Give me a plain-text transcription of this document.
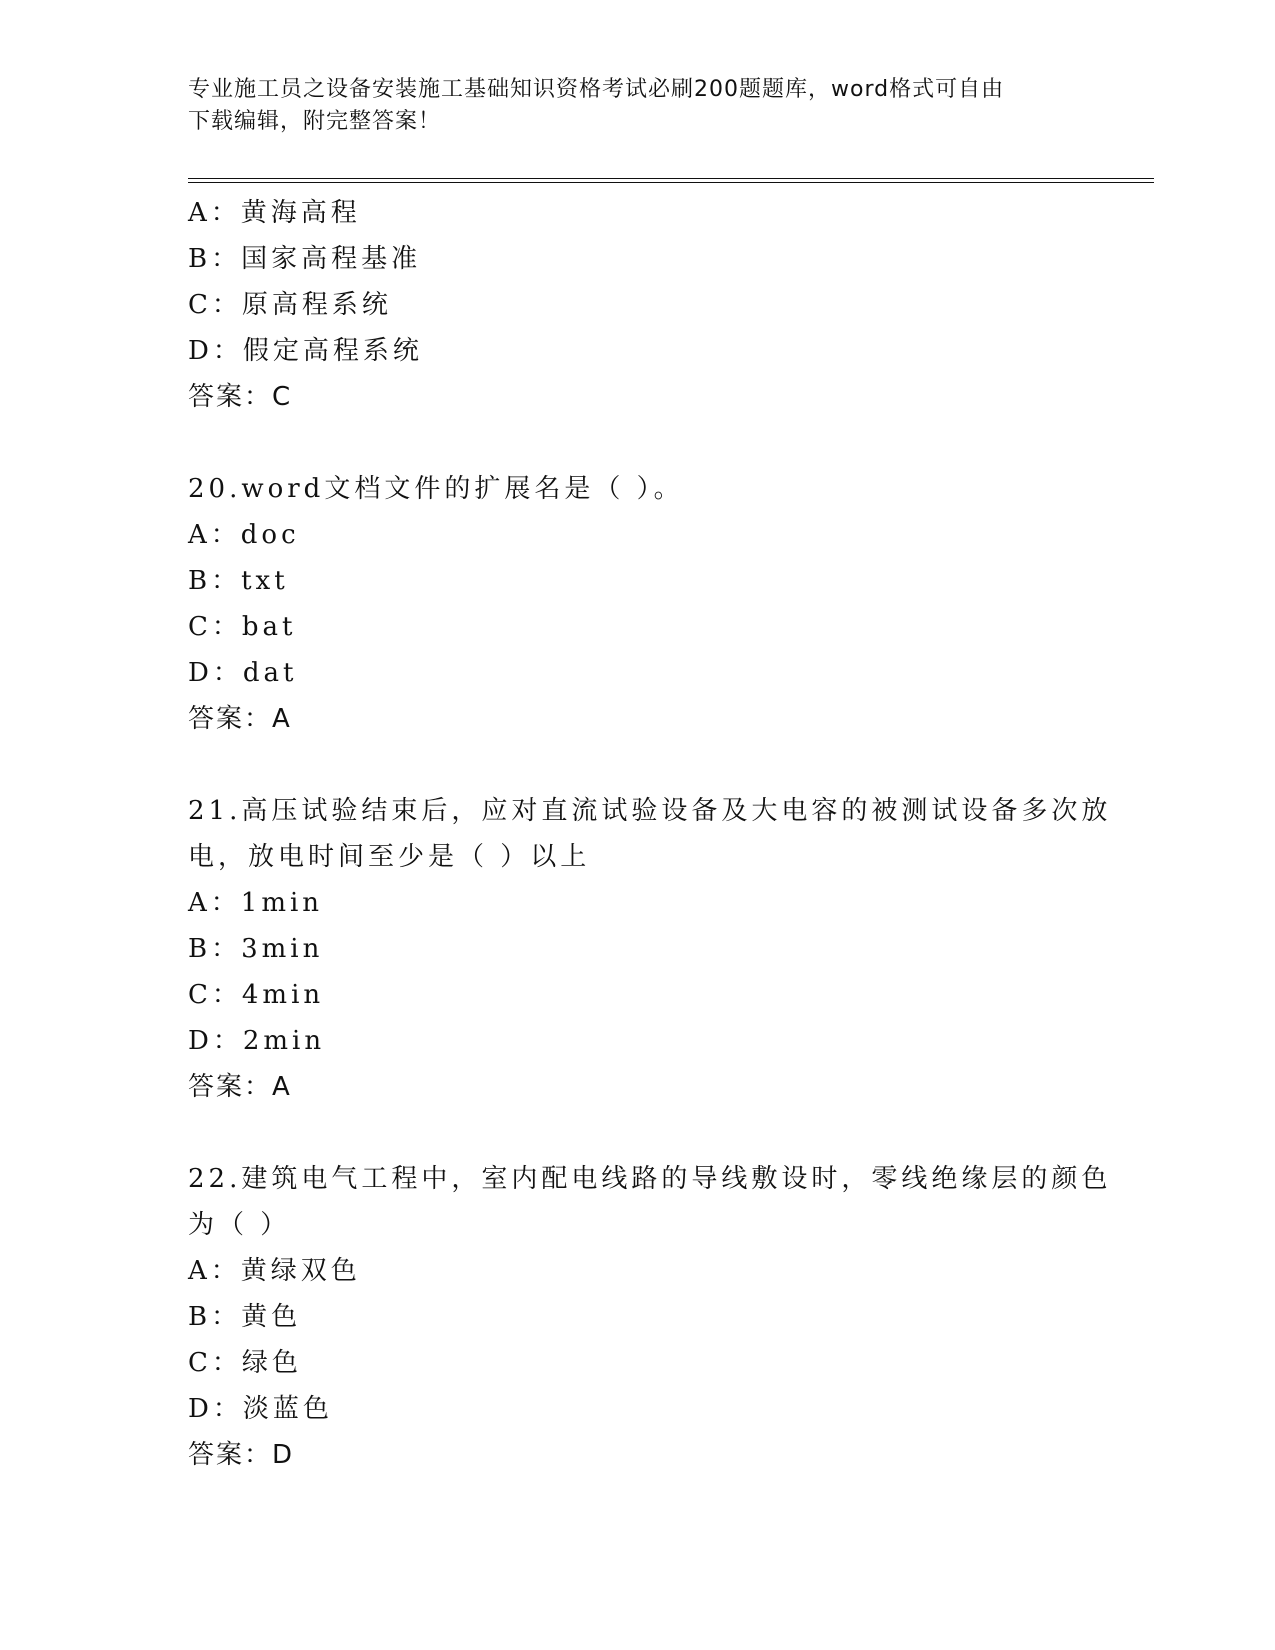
专业施工员之设备安装施工基础知识资格考试必刷200题题库，word格式可自由
下载编辑，附完整答案！
A：黄海高程
B：国家高程基准
C：原高程系统
D：假定高程系统
答案：C
20.word文档文件的扩展名是（ ）。
A：doc
B：txt
C：bat
D：dat
答案：A
21.高压试验结束后，应对直流试验设备及大电容的被测试设备多次放
电，放电时间至少是（ ）以上
A：1min
B：3min
C：4min
D：2min
答案：A
22.建筑电气工程中，室内配电线路的导线敷设时，零线绝缘层的颜色
为（ ）
A：黄绿双色
B：黄色
C：绿色
D：淡蓝色
答案：D
